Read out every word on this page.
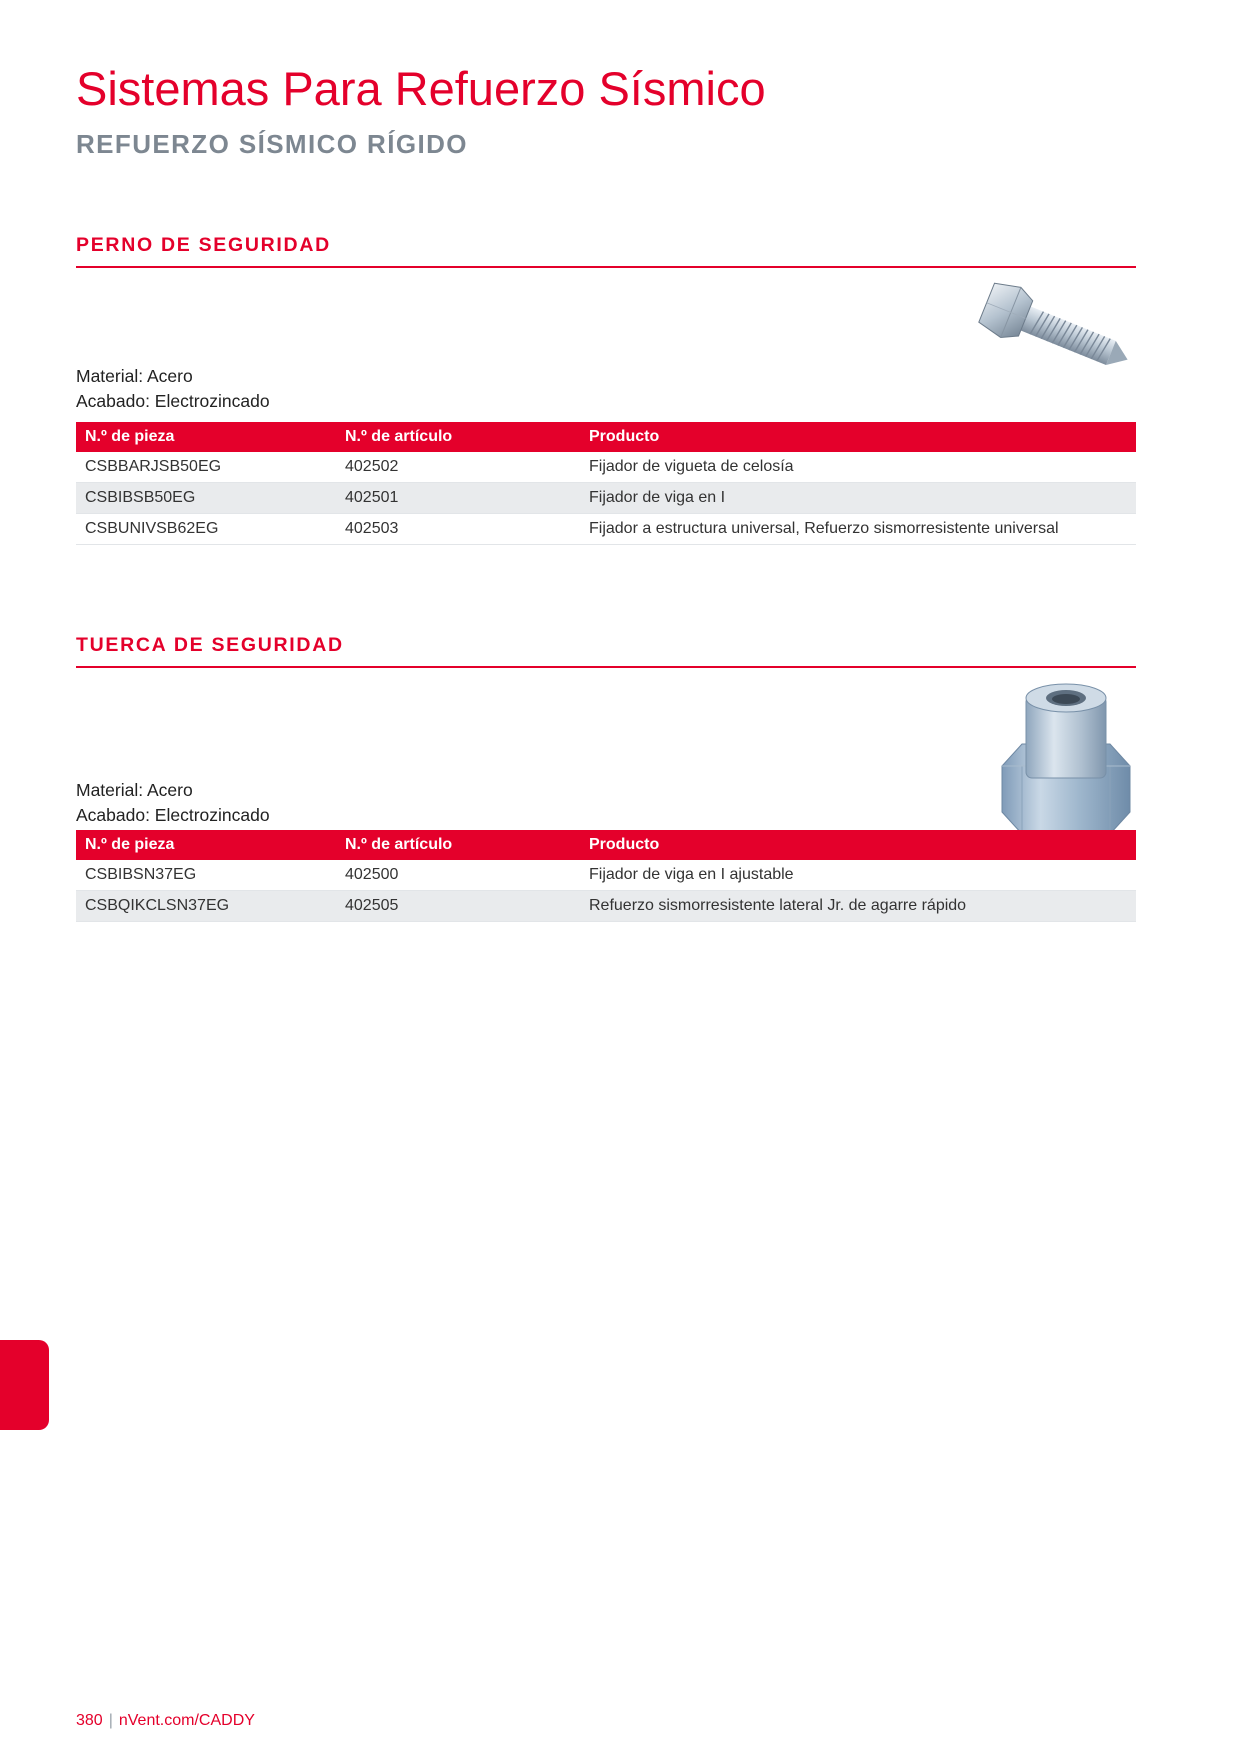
Sistemas Para Refuerzo Sísmico
REFUERZO SÍSMICO RÍGIDO
PERNO DE SEGURIDAD
Material: Acero
Acabado: Electrozincado
N.º de pieza	N.º de artículo	Producto
CSBBARJSB50EG	402502	Fijador de vigueta de celosía
CSBIBSB50EG	402501	Fijador de viga en I
CSBUNIVSB62EG	402503	Fijador a estructura universal, Refuerzo sismorresistente universal
TUERCA DE SEGURIDAD
Material: Acero
Acabado: Electrozincado
N.º de pieza	N.º de artículo	Producto
CSBIBSN37EG	402500	Fijador de viga en I ajustable
CSBQIKCLSN37EG	402505	Refuerzo sismorresistente lateral Jr. de agarre rápido
380 | nVent.com/CADDY
